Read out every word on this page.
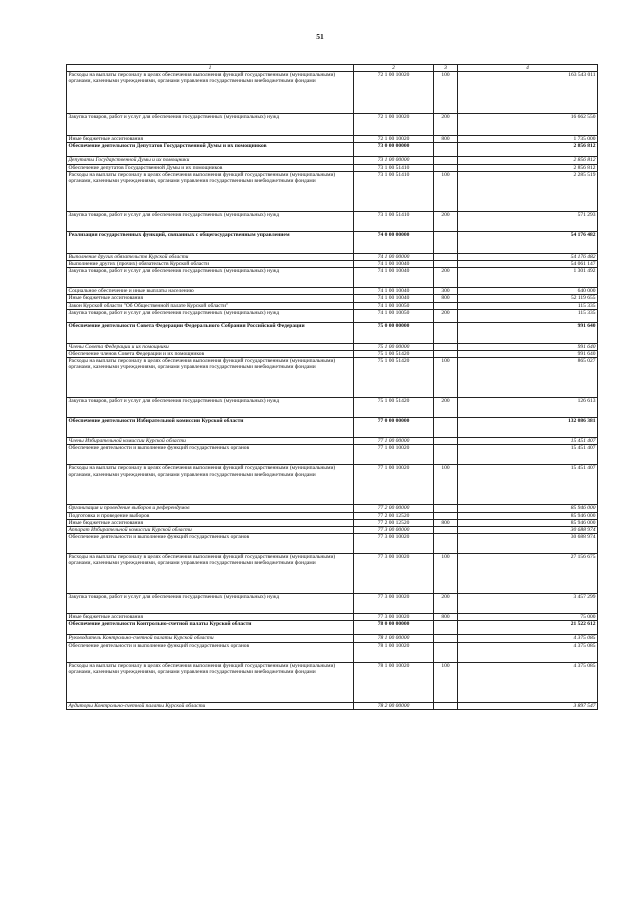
51
1	2	3	4
Расходы на выплаты персоналу в целях обеспечения выполнения функций государственными (муниципальными) органами, казенными учреждениями, органами управления государственными внебюджетными фондами	72 1 00 10020	100	163 543 011
Закупка товаров, работ и услуг для обеспечения государственных (муниципальных) нужд	72 1 00 10020	200	16 662 550
Иные бюджетные ассигнования	72 1 00 10020	800	1 735 000
Обеспечение деятельности Депутатов Государственной Думы и их помощников	73 0 00 00000		2 856 812
Депутаты Государственной Думы и их помощники	73 1 00 00000		2 856 812
Обеспечение депутатов Государственной Думы и их помощников	73 1 00 51410		2 856 812
Расходы на выплаты персоналу в целях обеспечения выполнения функций государственными (муниципальными) органами, казенными учреждениями, органами управления государственными внебюджетными фондами	73 1 00 51410	100	2 285 519
Закупка товаров, работ и услуг для обеспечения государственных (муниципальных) нужд	73 1 00 51410	200	571 293
Реализация государственных функций, связанных с общегосударственным управлением	74 0 00 00000		54 176 482
Выполнение других обязательств Курской области	74 1 00 00000		54 176 482
Выполнение других (прочих) обязательств Курской области	74 1 00 10040		54 061 147
Закупка товаров, работ и услуг для обеспечения государственных (муниципальных) нужд	74 1 00 10040	200	1 301 492
Социальное обеспечение и иные выплаты населению	74 1 00 10040	300	640 000
Иные бюджетные ассигнования	74 1 00 10040	800	52 119 655
Закон Курской области "Об Общественной палате Курской области"	74 1 00 10050		115 335
Закупка товаров, работ и услуг для обеспечения государственных (муниципальных) нужд	74 1 00 10050	200	115 335
Обеспечение деятельности Совета Федерации Федерального Собрания Российской Федерации	75 0 00 00000		991 640
Члены Совета Федерации и их помощники	75 1 00 00000		991 640
Обеспечение членов Совета Федерации и их помощников	75 1 00 51420		991 640
Расходы на выплаты персоналу в целях обеспечения выполнения функций государственными (муниципальными) органами, казенными учреждениями, органами управления государственными внебюджетными фондами	75 1 00 51420	100	865 027
Закупка товаров, работ и услуг для обеспечения государственных (муниципальных) нужд	75 1 00 51420	200	126 613
Обеспечение деятельности Избирательной комиссии Курской области	77 0 00 00000		132 086 381
Члены Избирательной комиссии Курской области	77 1 00 00000		15 451 407
Обеспечение деятельности и выполнение функций государственных органов	77 1 00 10020		15 451 407
Расходы на выплаты персоналу в целях обеспечения выполнения функций государственными (муниципальными) органами, казенными учреждениями, органами управления государственными внебюджетными фондами	77 1 00 10020	100	15 451 407
Организация и проведение выборов и референдумов	77 2 00 00000		85 946 000
Подготовка и проведение выборов	77 2 00 12520		85 946 000
Иные бюджетные ассигнования	77 2 00 12520	800	85 946 000
Аппарат Избирательной комиссии Курской области	77 3 00 00000		30 688 974
Обеспечение деятельности и выполнение функций государственных органов	77 3 00 10020		30 688 974
Расходы на выплаты персоналу в целях обеспечения выполнения функций государственными (муниципальными) органами, казенными учреждениями, органами управления государственными внебюджетными фондами	77 3 00 10020	100	27 156 675
Закупка товаров, работ и услуг для обеспечения государственных (муниципальных) нужд	77 3 00 10020	200	3 457 299
Иные бюджетные ассигнования	77 3 00 10020	800	75 000
Обеспечение деятельности Контрольно-счетной палаты Курской области	78 0 00 00000		21 522 612
Руководитель Контрольно-счетной палаты Курской области	78 1 00 00000		4 375 085
Обеспечение деятельности и выполнение функций государственных органов	78 1 00 10020		4 375 085
Расходы на выплаты персоналу в целях обеспечения выполнения функций государственными (муниципальными) органами, казенными учреждениями, органами управления государственными внебюджетными фондами	78 1 00 10020	100	4 375 085
Аудиторы Контрольно-счетной палаты Курской области	78 2 00 00000		3 897 547
